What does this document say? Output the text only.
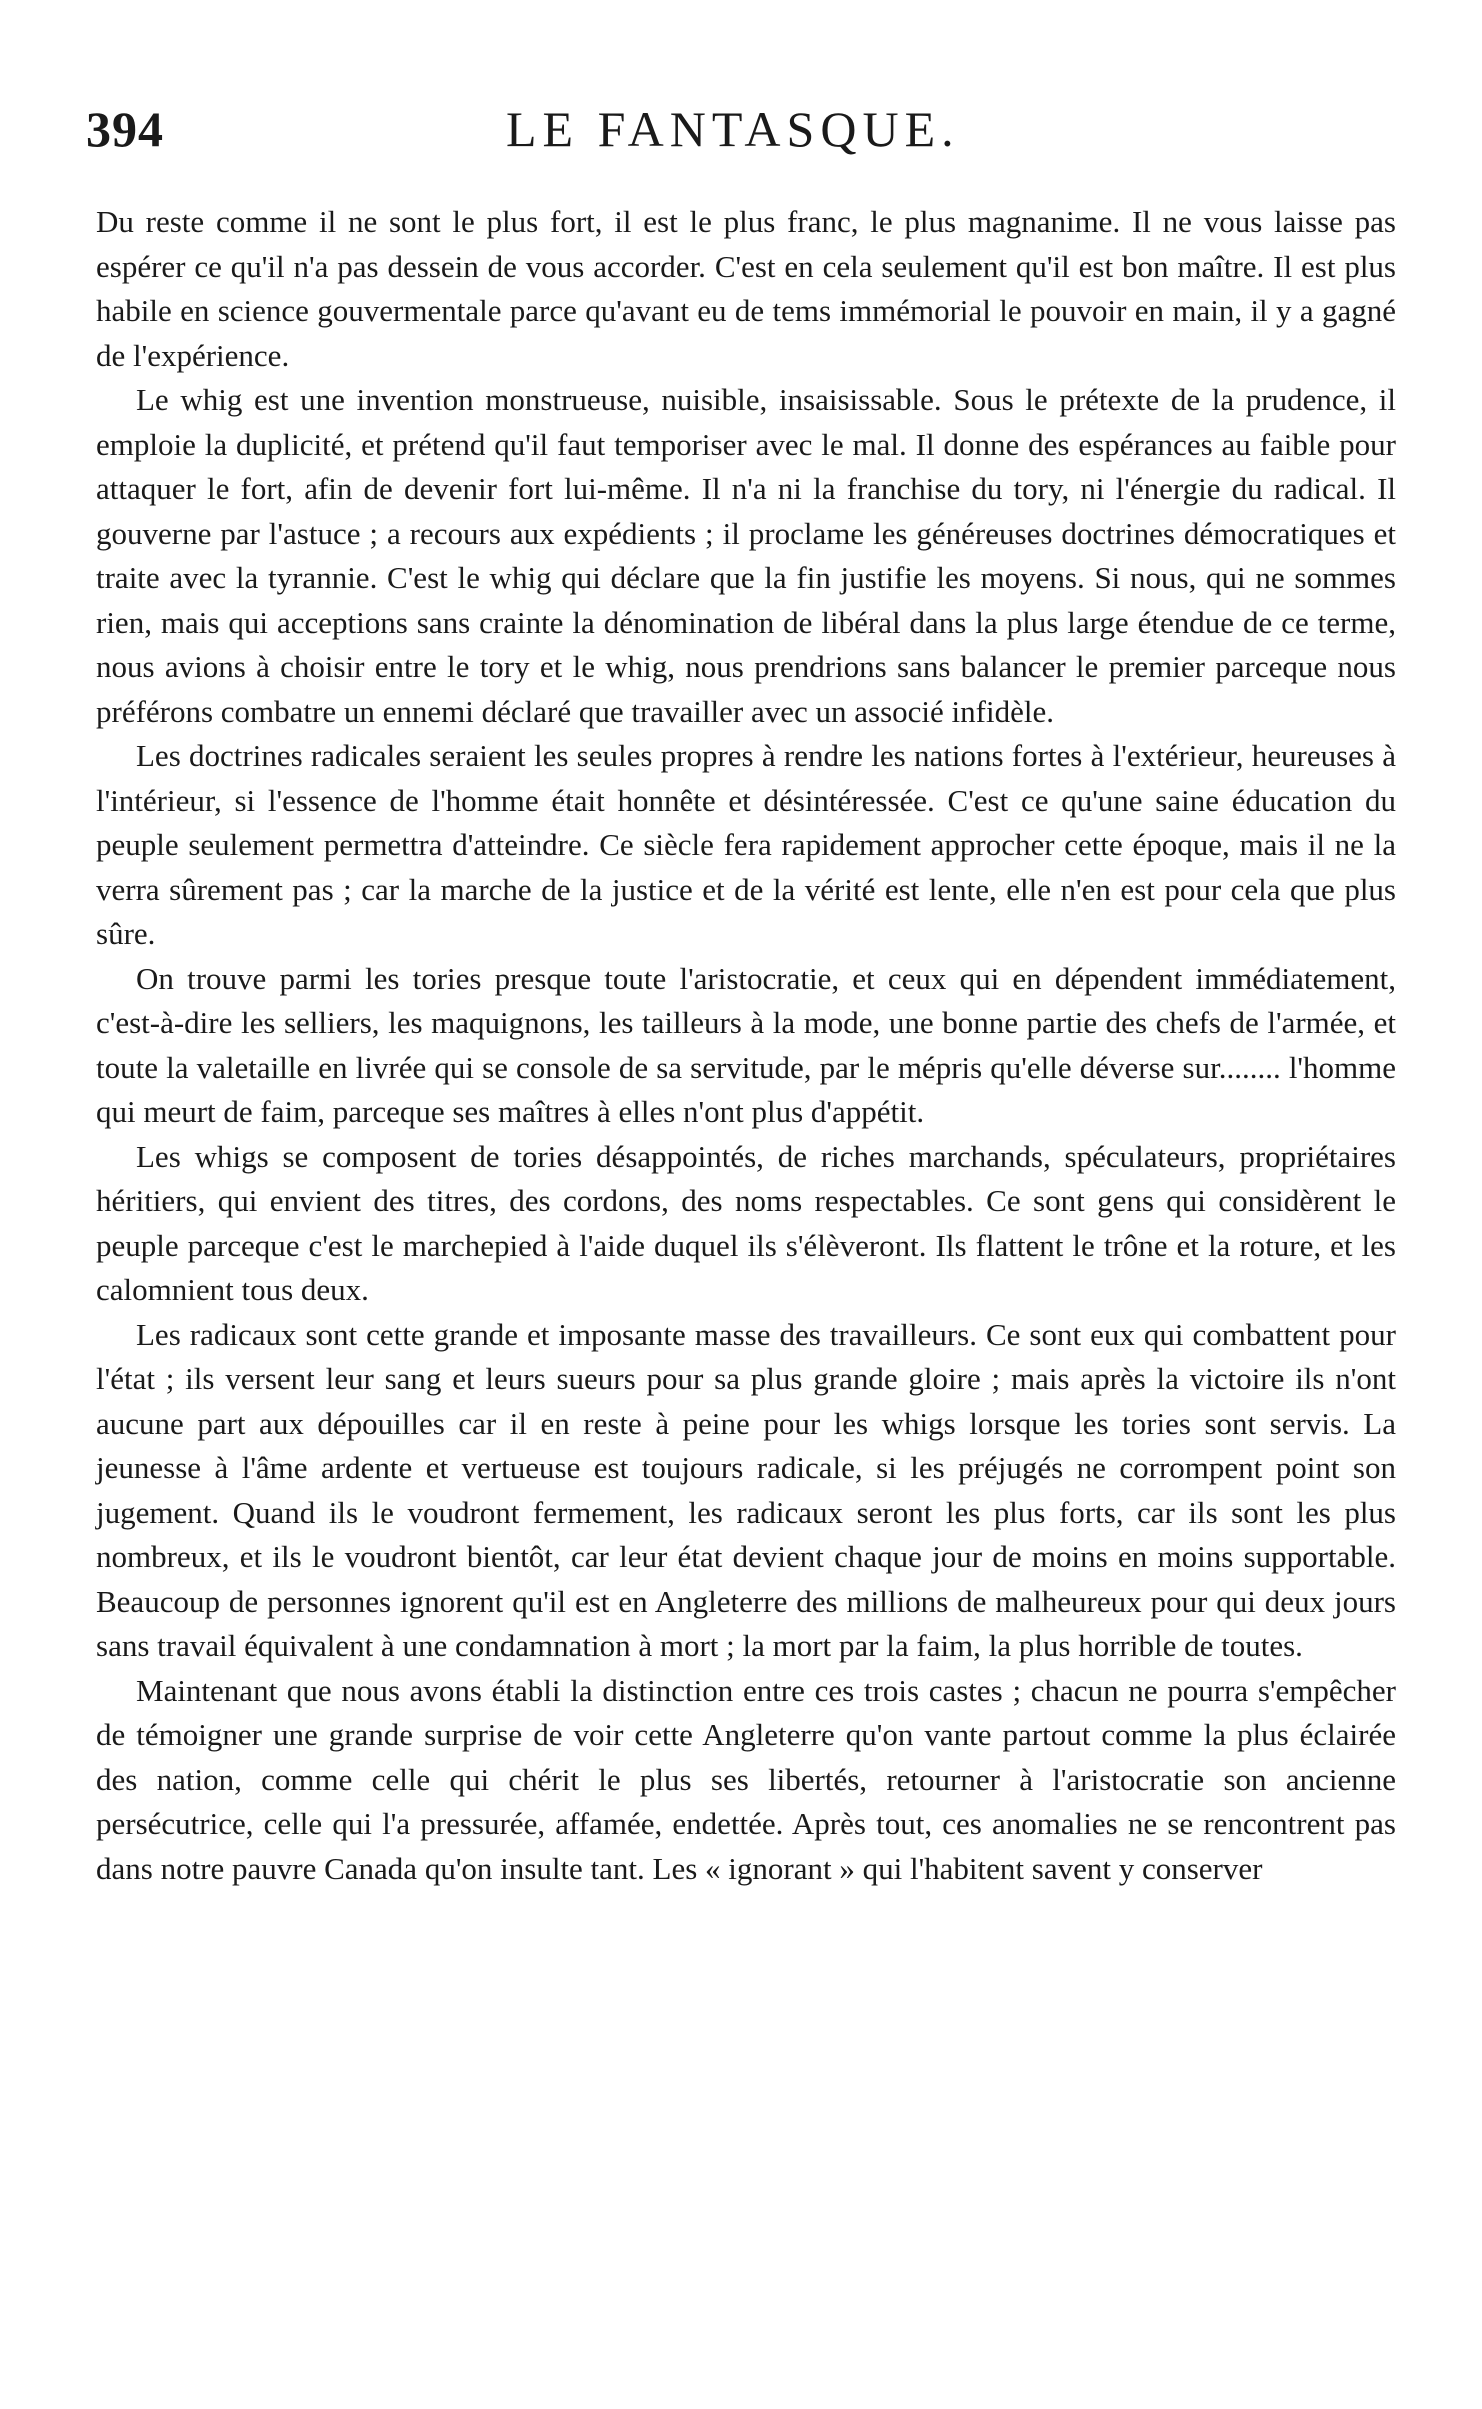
394	LE FANTASQUE.

Du reste comme il ne sont le plus fort, il est le plus franc, le plus magnanime. Il ne vous laisse pas espérer ce qu'il n'a pas dessein de vous accorder. C'est en cela seulement qu'il est bon maître. Il est plus habile en science gouvermentale parce qu'avant eu de tems immémorial le pouvoir en main, il y a gagné de l'expérience.

Le whig est une invention monstrueuse, nuisible, insaisissable. Sous le prétexte de la prudence, il emploie la duplicité, et prétend qu'il faut temporiser avec le mal. Il donne des espérances au faible pour attaquer le fort, afin de devenir fort lui-même. Il n'a ni la franchise du tory, ni l'énergie du radical. Il gouverne par l'astuce ; a recours aux expédients ; il proclame les généreuses doctrines démocratiques et traite avec la tyrannie. C'est le whig qui déclare que la fin justifie les moyens. Si nous, qui ne sommes rien, mais qui acceptions sans crainte la dénomination de libéral dans la plus large étendue de ce terme, nous avions à choisir entre le tory et le whig, nous prendrions sans balancer le premier parceque nous préférons combatre un ennemi déclaré que travailler avec un associé infidèle.

Les doctrines radicales seraient les seules propres à rendre les nations fortes à l'extérieur, heureuses à l'intérieur, si l'essence de l'homme était honnête et désintéressée. C'est ce qu'une saine éducation du peuple seulement permettra d'atteindre. Ce siècle fera rapidement approcher cette époque, mais il ne la verra sûrement pas ; car la marche de la justice et de la vérité est lente, elle n'en est pour cela que plus sûre.

On trouve parmi les tories presque toute l'aristocratie, et ceux qui en dépendent immédiatement, c'est-à-dire les selliers, les maquignons, les tailleurs à la mode, une bonne partie des chefs de l'armée, et toute la valetaille en livrée qui se console de sa servitude, par le mépris qu'elle déverse sur........ l'homme qui meurt de faim, parceque ses maîtres à elles n'ont plus d'appétit.

Les whigs se composent de tories désappointés, de riches marchands, spéculateurs, propriétaires héritiers, qui envient des titres, des cordons, des noms respectables. Ce sont gens qui considèrent le peuple parceque c'est le marchepied à l'aide duquel ils s'élèveront. Ils flattent le trône et la roture, et les calomnient tous deux.

Les radicaux sont cette grande et imposante masse des travailleurs. Ce sont eux qui combattent pour l'état ; ils versent leur sang et leurs sueurs pour sa plus grande gloire ; mais après la victoire ils n'ont aucune part aux dépouilles car il en reste à peine pour les whigs lorsque les tories sont servis. La jeunesse à l'âme ardente et vertueuse est toujours radicale, si les préjugés ne corrompent point son jugement. Quand ils le voudront fermement, les radicaux seront les plus forts, car ils sont les plus nombreux, et ils le voudront bientôt, car leur état devient chaque jour de moins en moins supportable. Beaucoup de personnes ignorent qu'il est en Angleterre des millions de malheureux pour qui deux jours sans travail équivalent à une condamnation à mort ; la mort par la faim, la plus horrible de toutes.

Maintenant que nous avons établi la distinction entre ces trois castes ; chacun ne pourra s'empêcher de témoigner une grande surprise de voir cette Angleterre qu'on vante partout comme la plus éclairée des nation, comme celle qui chérit le plus ses libertés, retourner à l'aristocratie son ancienne persécutrice, celle qui l'a pressurée, affamée, endettée. Après tout, ces anomalies ne se rencontrent pas dans notre pauvre Canada qu'on insulte tant. Les « ignorant » qui l'habitent savent y conserver
